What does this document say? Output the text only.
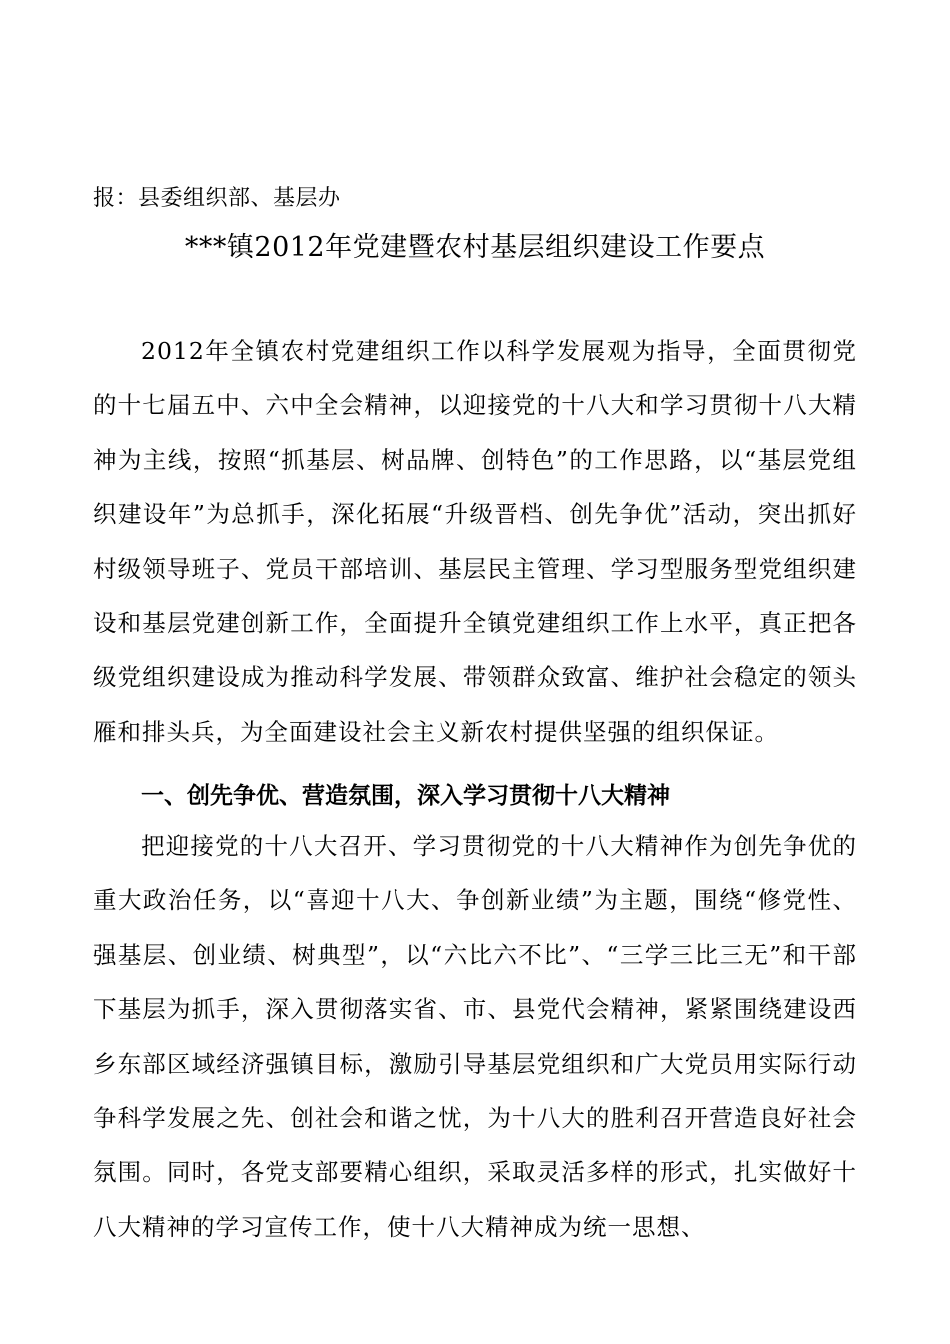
报：县委组织部、基层办
***镇2012年党建暨农村基层组织建设工作要点

2012年全镇农村党建组织工作以科学发展观为指导，全面贯彻党的十七届五中、六中全会精神，以迎接党的十八大和学习贯彻十八大精神为主线，按照“抓基层、树品牌、创特色”的工作思路，以“基层党组织建设年”为总抓手，深化拓展“升级晋档、创先争优”活动，突出抓好村级领导班子、党员干部培训、基层民主管理、学习型服务型党组织建设和基层党建创新工作，全面提升全镇党建组织工作上水平，真正把各级党组织建设成为推动科学发展、带领群众致富、维护社会稳定的领头雁和排头兵，为全面建设社会主义新农村提供坚强的组织保证。

一、创先争优、营造氛围，深入学习贯彻十八大精神

把迎接党的十八大召开、学习贯彻党的十八大精神作为创先争优的重大政治任务，以“喜迎十八大、争创新业绩”为主题，围绕“修党性、强基层、创业绩、树典型”，以“六比六不比”、“三学三比三无”和干部下基层为抓手，深入贯彻落实省、市、县党代会精神，紧紧围绕建设西乡东部区域经济强镇目标，激励引导基层党组织和广大党员用实际行动争科学发展之先、创社会和谐之忧，为十八大的胜利召开营造良好社会氛围。同时，各党支部要精心组织，采取灵活多样的形式，扎实做好十八大精神的学习宣传工作，使十八大精神成为统一思想、
